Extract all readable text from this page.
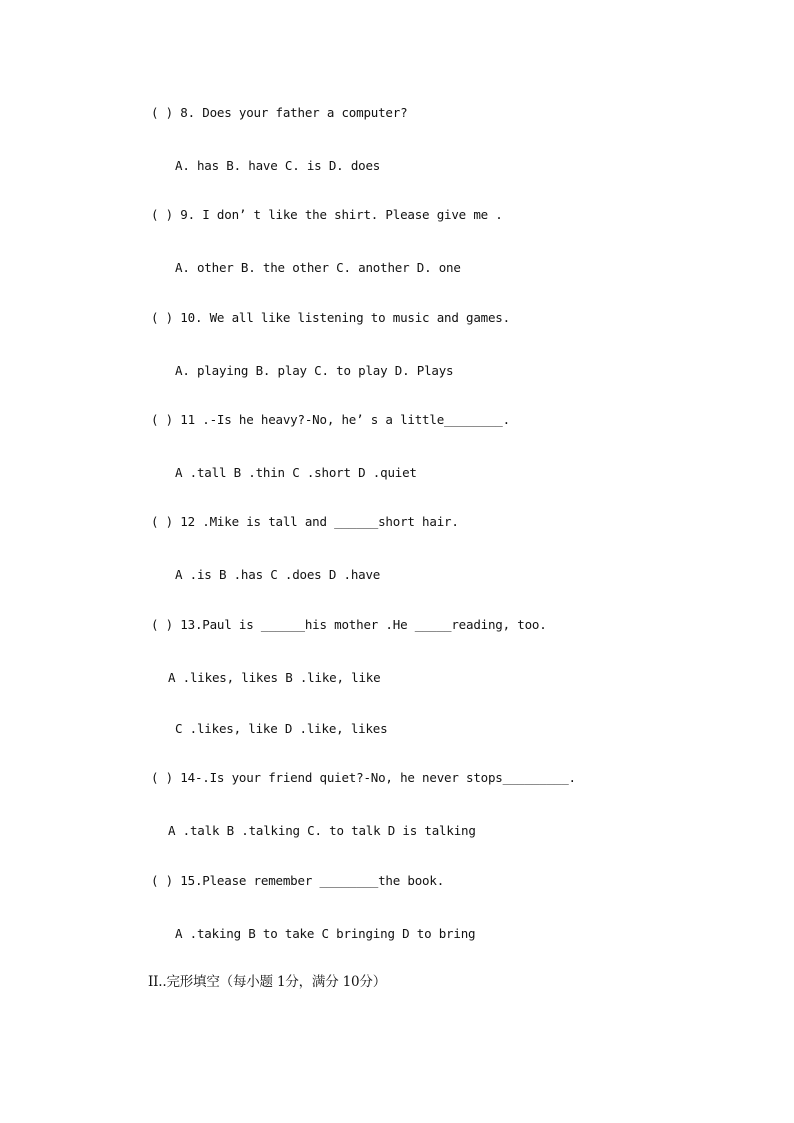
( ) 8. Does your father a computer?
A. has B. have C. is D. does
( ) 9. I don’ t like the shirt. Please give me .
A. other B. the other C. another D. one
( ) 10. We all like listening to music and games.
A. playing B. play C. to play D. Plays
( ) 11 .-Is he heavy?-No, he’ s a little________.
A .tall B .thin C .short D .quiet
( ) 12 .Mike is tall and ______short hair.
A .is B .has C .does D .have
( ) 13.Paul is ______his mother .He _____reading, too.
A .likes, likes B .like, like
C .likes, like D .like, likes
( ) 14-.Is your friend quiet?-No, he never stops_________.
A .talk B .talking C. to talk D is talking
( ) 15.Please remember ________the book.
A .taking B to take C bringing D to bring
II..完形填空（每小题 1分，满分 10分）
